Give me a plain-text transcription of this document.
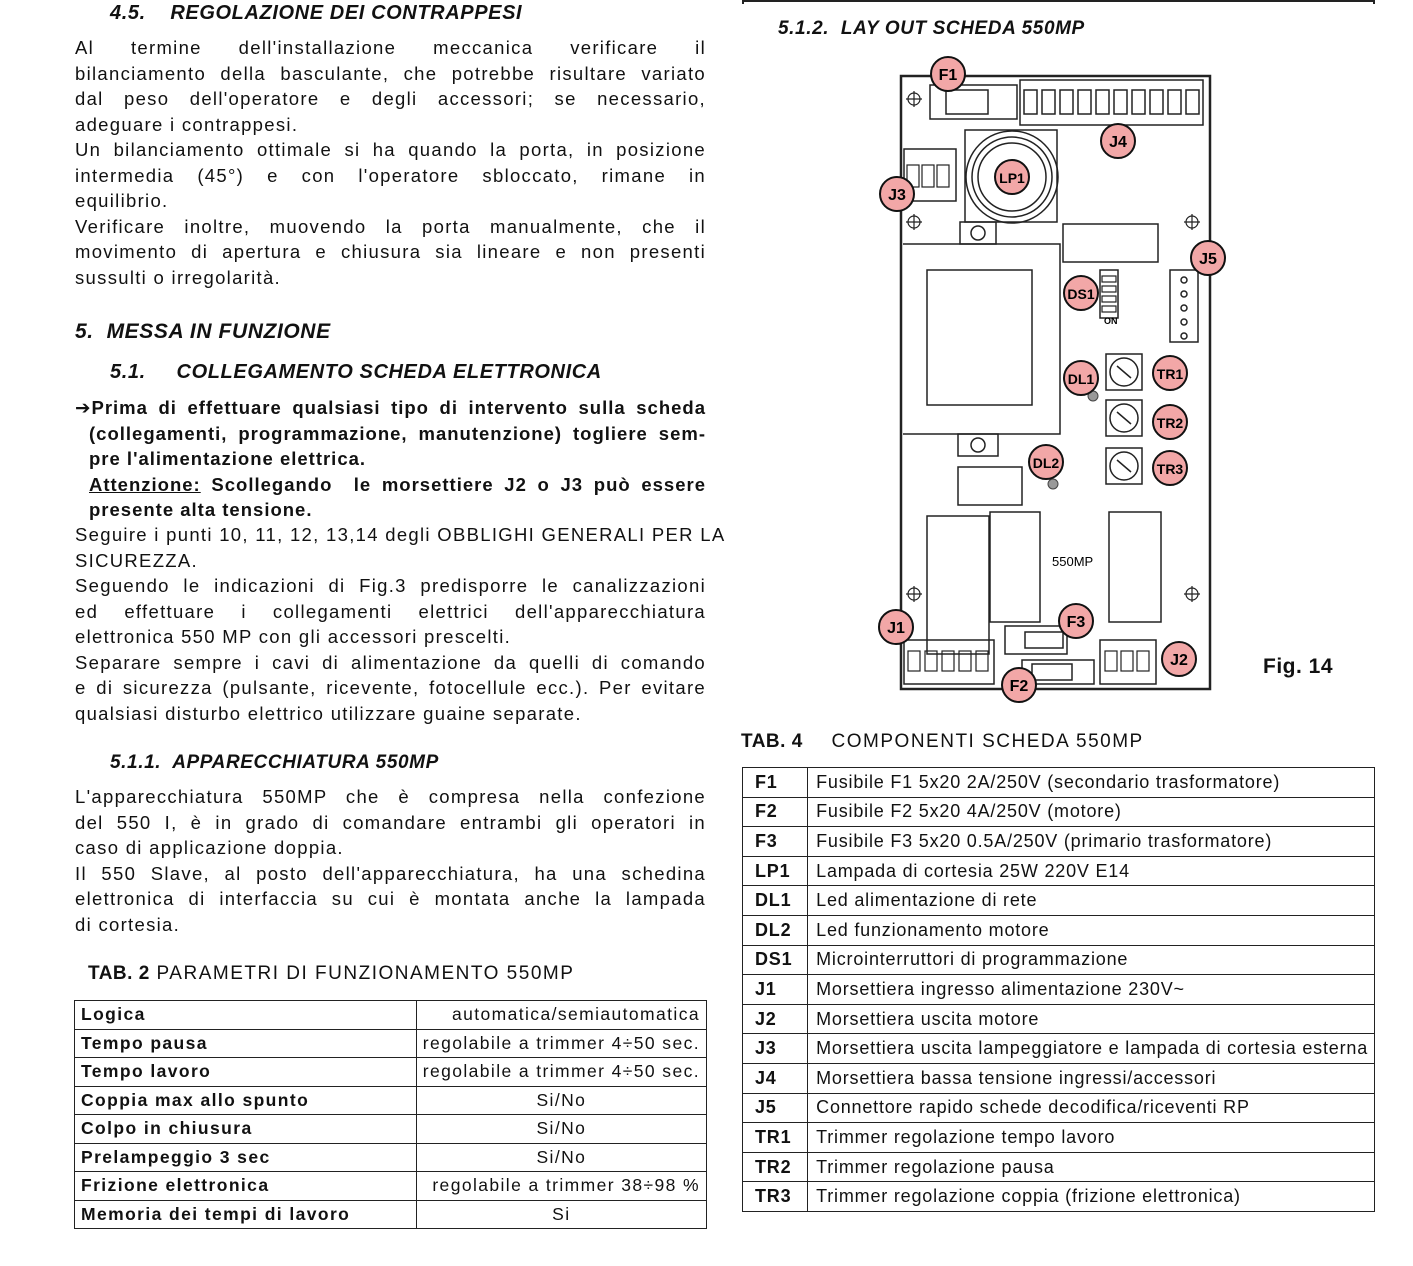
4.5.    REGOLAZIONE DEI CONTRAPPESI
Al termine dell'installazione meccanica verificare il
bilanciamento della basculante, che potrebbe risultare variato
dal peso dell'operatore e degli accessori; se necessario,
adeguare i contrappesi.
Un bilanciamento ottimale si ha quando la porta, in posizione
intermedia (45°) e con l'operatore sbloccato, rimane in
equilibrio.
Verificare inoltre, muovendo la porta manualmente, che il
movimento di apertura e chiusura sia lineare e non presenti
sussulti o irregolarità.
5.  MESSA IN FUNZIONE
5.1.     COLLEGAMENTO SCHEDA ELETTRONICA
➔Prima di effettuare qualsiasi tipo di intervento sulla scheda
(collegamenti, programmazione, manutenzione) togliere sem-
pre l'alimentazione elettrica.
Attenzione: Scollegando  le morsettiere J2 o J3 può essere
presente alta tensione.
Seguire i punti 10, 11, 12, 13,14 degli OBBLIGHI GENERALI PER LA
SICUREZZA.
Seguendo le indicazioni di Fig.3 predisporre le canalizzazioni
ed effettuare i collegamenti elettrici dell'apparecchiatura
elettronica 550 MP con gli accessori prescelti.
Separare sempre i cavi di alimentazione da quelli di comando
e di sicurezza (pulsante, ricevente, fotocellule ecc.). Per evitare
qualsiasi disturbo elettrico utilizzare guaine separate.
5.1.1.  APPARECCHIATURA 550MP
L'apparecchiatura 550MP che è compresa nella confezione
del 550 I, è in grado di comandare entrambi gli operatori in
caso di applicazione doppia.
Il 550 Slave, al posto dell'apparecchiatura, ha una schedina
elettronica di interfaccia su cui è montata anche la lampada
di cortesia.
TAB. 2 PARAMETRI DI FUNZIONAMENTO 550MP
Logica	automatica/semiautomatica
Tempo pausa	regolabile a trimmer 4÷50 sec.
Tempo lavoro	regolabile a trimmer 4÷50 sec.
Coppia max allo spunto	Si/No
Colpo in chiusura	Si/No
Prelampeggio 3 sec	Si/No
Frizione elettronica	regolabile a trimmer 38÷98 %
Memoria dei tempi di lavoro	Si
5.1.2.  LAY OUT SCHEDA 550MP
ON
550MP
F1
J4
LP1
J3
J5
DS1
DL1	TR1
TR2
DL2	TR3
F3
J1
J2
F2
Fig. 14
TAB. 4 COMPONENTI SCHEDA 550MP
F1	Fusibile F1 5x20 2A/250V (secondario trasformatore)
F2	Fusibile F2 5x20 4A/250V (motore)
F3	Fusibile F3 5x20 0.5A/250V (primario trasformatore)
LP1	Lampada di cortesia 25W 220V E14
DL1	Led alimentazione di rete
DL2	Led funzionamento motore
DS1	Microinterruttori di programmazione
J1	Morsettiera ingresso alimentazione 230V~
J2	Morsettiera uscita motore
J3	Morsettiera uscita lampeggiatore e lampada di cortesia esterna
J4	Morsettiera bassa tensione ingressi/accessori
J5	Connettore rapido schede decodifica/riceventi RP
TR1	Trimmer regolazione tempo lavoro
TR2	Trimmer regolazione pausa
TR3	Trimmer regolazione coppia (frizione elettronica)
